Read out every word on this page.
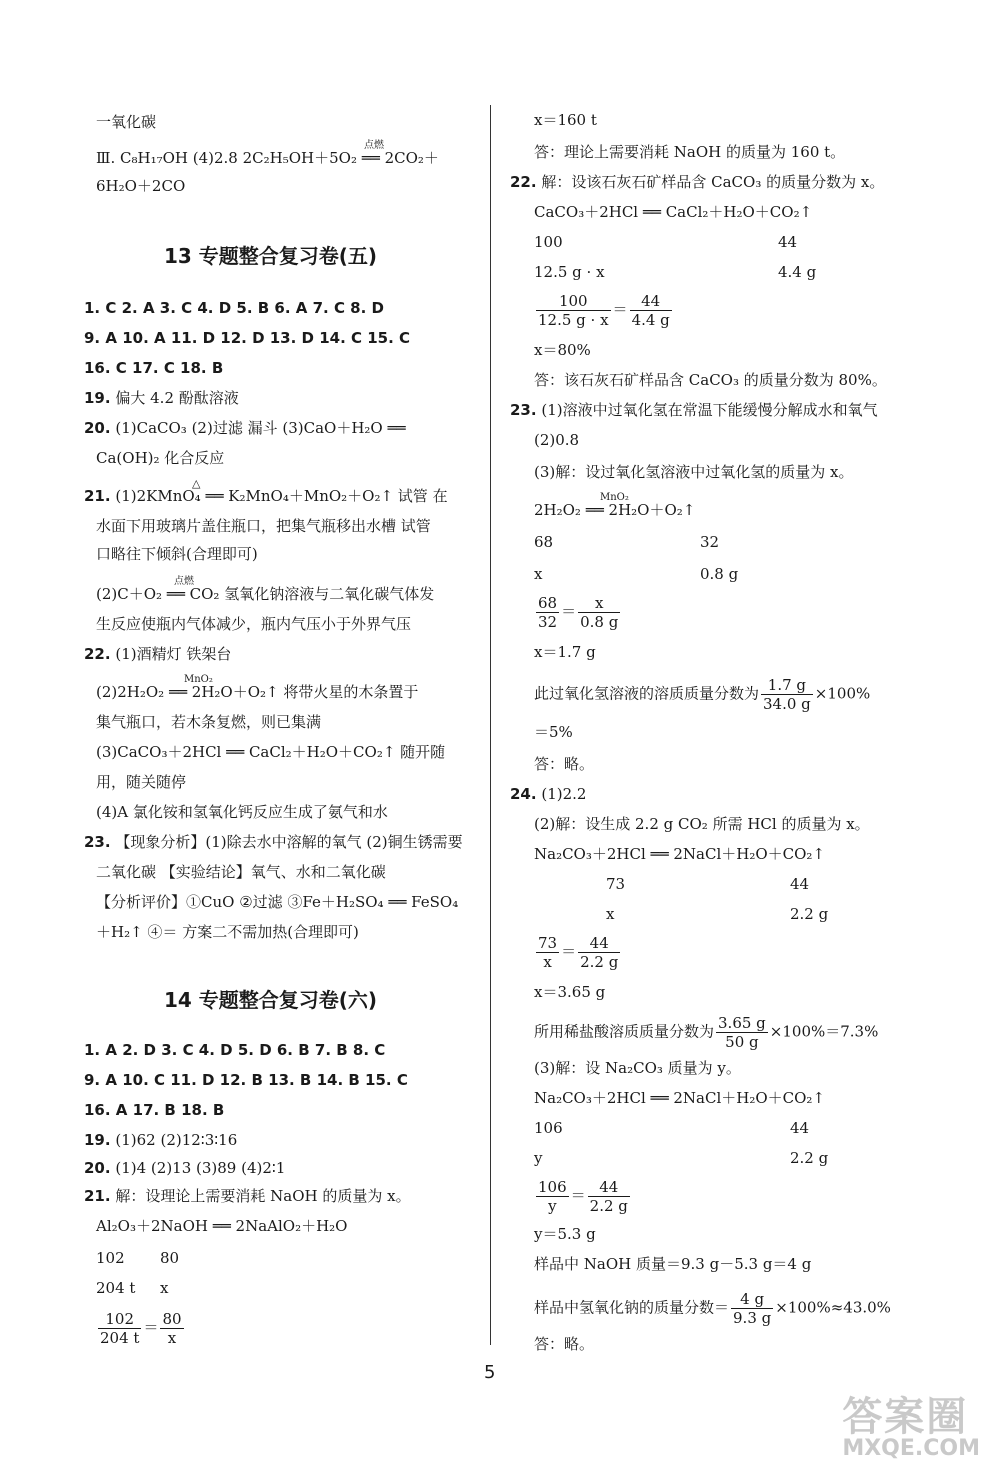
一氧化碳
Ⅲ. C₈H₁₇OH (4)2.8 2C₂H₅OH＋5O₂ ══ 2CO₂＋
点燃
6H₂O＋2CO
13 专题整合复习卷(五)
1. C 2. A 3. C 4. D 5. B 6. A 7. C 8. D
9. A 10. A 11. D 12. D 13. D 14. C 15. C
16. C 17. C 18. B
19. 偏大 4.2 酚酞溶液
20. (1)CaCO₃ (2)过滤 漏斗 (3)CaO＋H₂O ══
Ca(OH)₂ 化合反应
21. (1)2KMnO₄ ══ K₂MnO₄＋MnO₂＋O₂↑ 试管 在
△
水面下用玻璃片盖住瓶口，把集气瓶移出水槽 试管
口略往下倾斜(合理即可)
(2)C＋O₂ ══ CO₂ 氢氧化钠溶液与二氧化碳气体发
点燃
生反应使瓶内气体减少，瓶内气压小于外界气压
22. (1)酒精灯 铁架台
(2)2H₂O₂ ══ 2H₂O＋O₂↑ 将带火星的木条置于
MnO₂
集气瓶口，若木条复燃，则已集满
(3)CaCO₃＋2HCl ══ CaCl₂＋H₂O＋CO₂↑ 随开随
用，随关随停
(4)A 氯化铵和氢氧化钙反应生成了氨气和水
23. 【现象分析】(1)除去水中溶解的氧气 (2)铜生锈需要
二氧化碳 【实验结论】氧气、水和二氧化碳
【分析评价】①CuO ②过滤 ③Fe＋H₂SO₄ ══ FeSO₄
＋H₂↑ ④＝ 方案二不需加热(合理即可)
14 专题整合复习卷(六)
1. A 2. D 3. C 4. D 5. D 6. B 7. B 8. C
9. A 10. C 11. D 12. B 13. B 14. B 15. C
16. A 17. B 18. B
19. (1)62 (2)12∶3∶16
20. (1)4 (2)13 (3)89 (4)2∶1
21. 解：设理论上需要消耗 NaOH 的质量为 x。
Al₂O₃＋2NaOH ══ 2NaAlO₂＋H₂O
102 80
204 t x
$\frac{102}{204 t} = \frac{80}{x}$
x＝160 t
答：理论上需要消耗 NaOH 的质量为 160 t。
22. 解：设该石灰石矿样品含 CaCO₃ 的质量分数为 x。
CaCO₃＋2HCl ══ CaCl₂＋H₂O＋CO₂↑
100	44
12.5 g · x	4.4 g
$\frac{100}{12.5 g \cdot x} = \frac{44}{4.4 g}$
x＝80%
答：该石灰石矿样品含 CaCO₃ 的质量分数为 80%。
23. (1)溶液中过氧化氢在常温下能缓慢分解成水和氧气
(2)0.8
(3)解：设过氧化氢溶液中过氧化氢的质量为 x。
2H₂O₂ ══ 2H₂O＋O₂↑
MnO₂
68	32
x	0.8 g
$\frac{68}{32} = \frac{x}{0.8 g}$
x＝1.7 g
此过氧化氢溶液的溶质质量分数为 $\frac{1.7 g}{34.0 g} \times 100\%$
＝5%
答：略。
24. (1)2.2
(2)解：设生成 2.2 g CO₂ 所需 HCl 的质量为 x。
Na₂CO₃＋2HCl ══ 2NaCl＋H₂O＋CO₂↑
73	44
x	2.2 g
$\frac{73}{x} = \frac{44}{2.2 g}$
x＝3.65 g
所用稀盐酸溶质质量分数为 $\frac{3.65 g}{50 g} \times 100\%=7.3\%$
(3)解：设 Na₂CO₃ 质量为 y。
Na₂CO₃＋2HCl ══ 2NaCl＋H₂O＋CO₂↑
106	44
y	2.2 g
$\frac{106}{y} = \frac{44}{2.2 g}$
y＝5.3 g
样品中 NaOH 质量＝9.3 g－5.3 g＝4 g
样品中氢氧化钠的质量分数＝ $\frac{4 g}{9.3 g} \times 100\%\approx 43.0\%$
答：略。
5
答案圈
MXQE.COM
